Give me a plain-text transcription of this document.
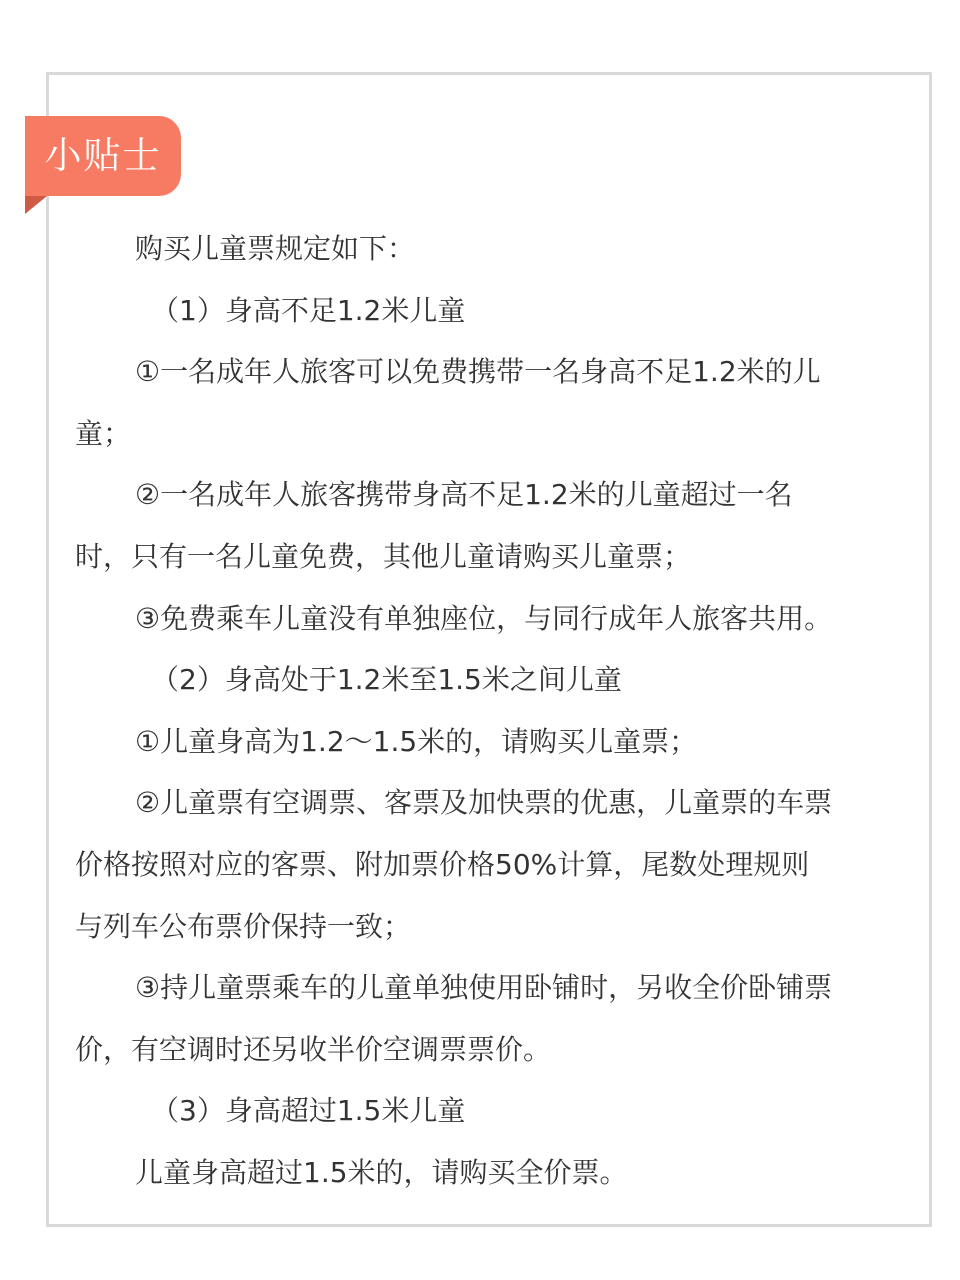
小贴士
购买儿童票规定如下：
（1）身高不足1.2米儿童
①一名成年人旅客可以免费携带一名身高不足1.2米的儿
童；
②一名成年人旅客携带身高不足1.2米的儿童超过一名
时，只有一名儿童免费，其他儿童请购买儿童票；
③免费乘车儿童没有单独座位，与同行成年人旅客共用。
（2）身高处于1.2米至1.5米之间儿童
①儿童身高为1.2～1.5米的，请购买儿童票；
②儿童票有空调票、客票及加快票的优惠，儿童票的车票
价格按照对应的客票、附加票价格50%计算，尾数处理规则
与列车公布票价保持一致；
③持儿童票乘车的儿童单独使用卧铺时，另收全价卧铺票
价，有空调时还另收半价空调票票价。
（3）身高超过1.5米儿童
儿童身高超过1.5米的，请购买全价票。
